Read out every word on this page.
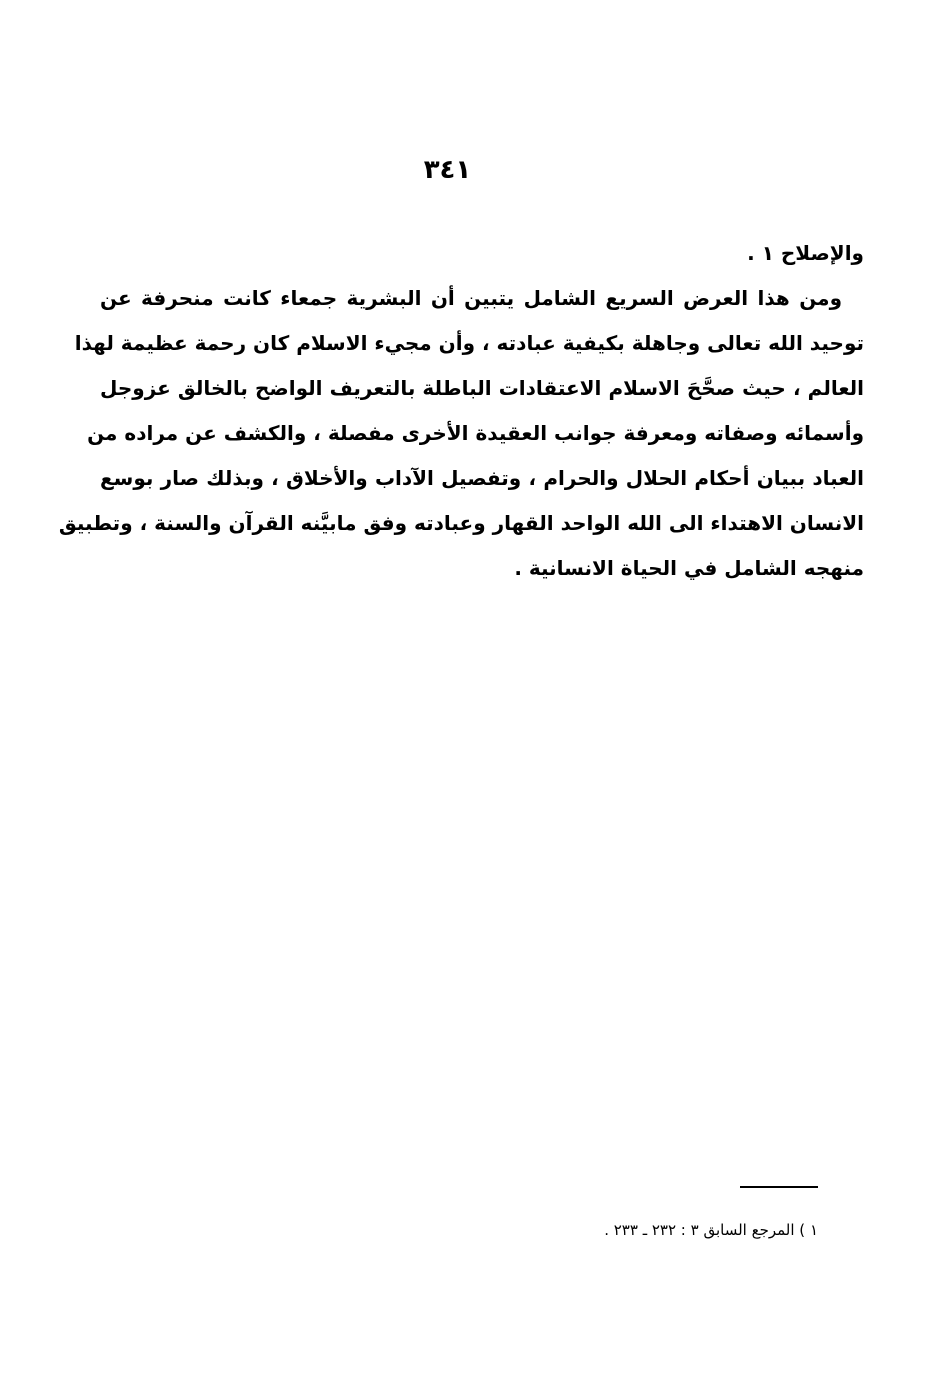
٣٤١
والإصلاح ١ .
ومن هذا العرض السريع الشامل يتبين أن البشرية جمعاء كانت منحرفة عن
توحيد الله تعالى وجاهلة بكيفية عبادته ، وأن مجيء الاسلام كان رحمة عظيمة لهذا
العالم ، حيث صحَّحَ الاسلام الاعتقادات الباطلة بالتعريف الواضح بالخالق عزوجل
وأسمائه وصفاته ومعرفة جوانب العقيدة الأخرى مفصلة ، والكشف عن مراده من
العباد ببيان أحكام الحلال والحرام ، وتفصيل الآداب والأخلاق ، وبذلك صار بوسع
الانسان الاهتداء الى الله الواحد القهار وعبادته وفق مابيَّنه القرآن والسنة ، وتطبيق
منهجه الشامل في الحياة الانسانية .
١ ) المرجع السابق ٣ : ٢٣٢ ـ ٢٣٣ .
